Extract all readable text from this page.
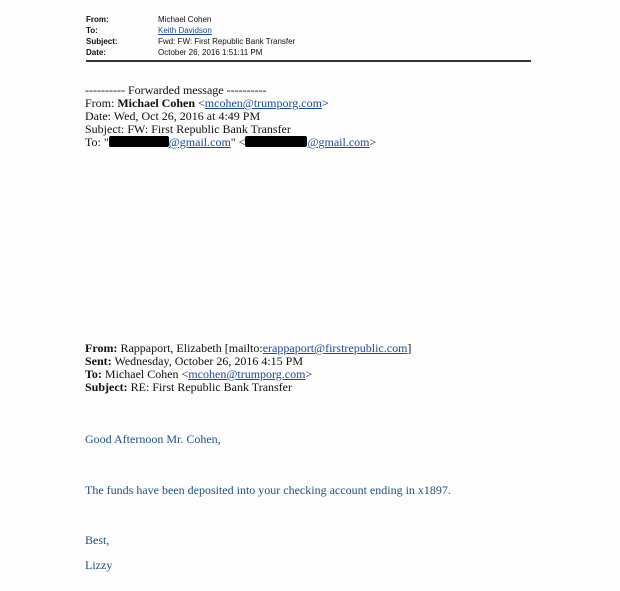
From:	Michael Cohen
To:	Keith Davidson
Subject:	Fwd: FW: First Republic Bank Transfer
Date:	October 26, 2016 1:51:11 PM
---------- Forwarded message ----------
From: Michael Cohen <mcohen@trumporg.com>
Date: Wed, Oct 26, 2016 at 4:49 PM
Subject: FW: First Republic Bank Transfer
To: "	@gmail.com" <	@gmail.com>
From: Rappaport, Elizabeth [mailto:erappaport@firstrepublic.com]
Sent: Wednesday, October 26, 2016 4:15 PM
To: Michael Cohen <mcohen@trumporg.com>
Subject: RE: First Republic Bank Transfer
Good Afternoon Mr. Cohen,
The funds have been deposited into your checking account ending in x1897.
Best,
Lizzy
